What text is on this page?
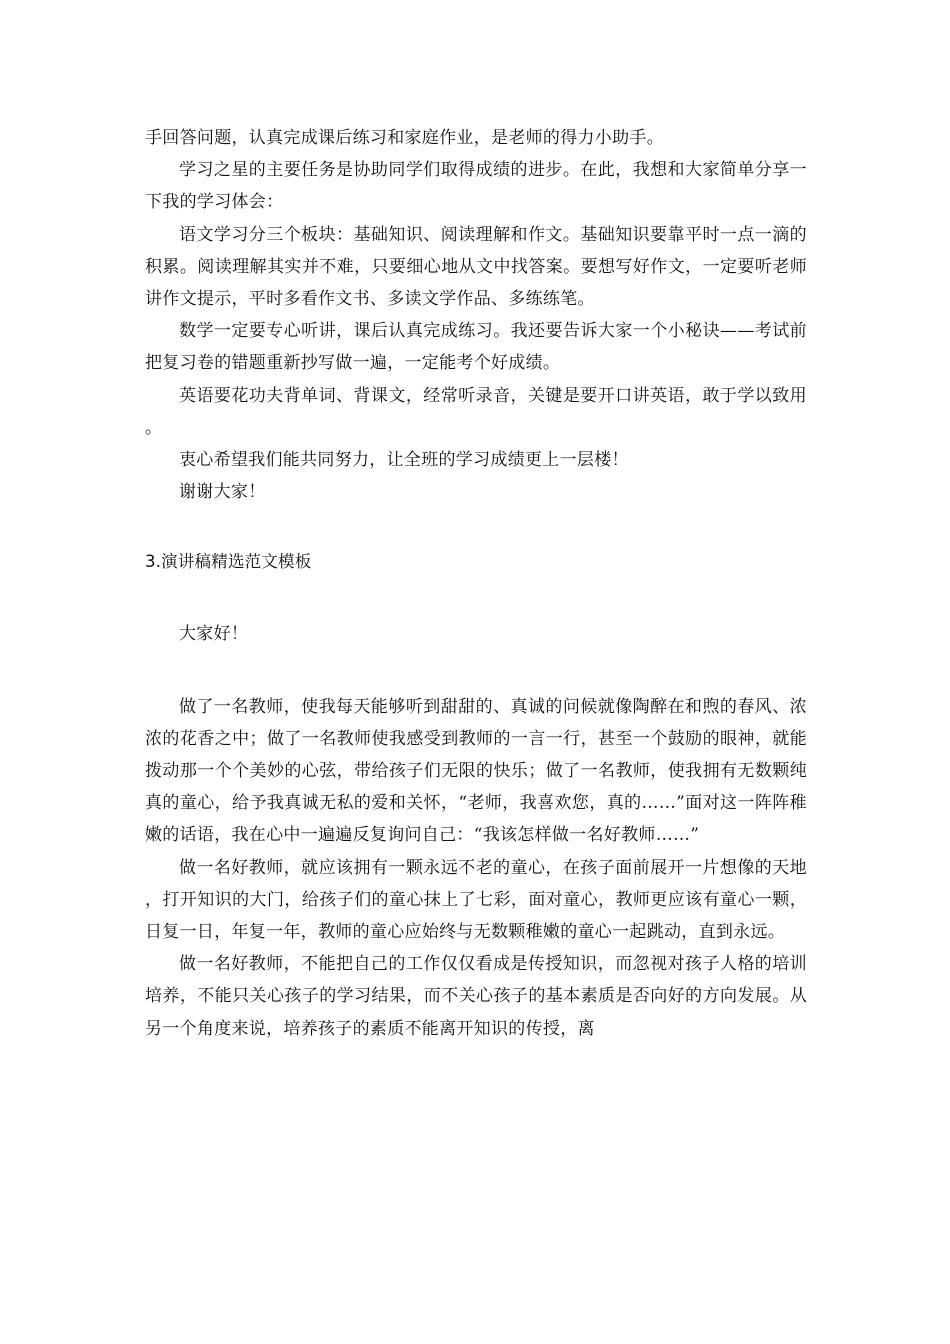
手回答问题，认真完成课后练习和家庭作业，是老师的得力小助手。

学习之星的主要任务是协助同学们取得成绩的进步。在此，我想和大家简单分享一下我的学习体会：

语文学习分三个板块：基础知识、阅读理解和作文。基础知识要靠平时一点一滴的积累。阅读理解其实并不难，只要细心地从文中找答案。要想写好作文，一定要听老师讲作文提示，平时多看作文书、多读文学作品、多练练笔。

数学一定要专心听讲，课后认真完成练习。我还要告诉大家一个小秘诀——考试前把复习卷的错题重新抄写做一遍，一定能考个好成绩。

英语要花功夫背单词、背课文，经常听录音，关键是要开口讲英语，敢于学以致用。

衷心希望我们能共同努力，让全班的学习成绩更上一层楼！

谢谢大家！

3.演讲稿精选范文模板

大家好！

做了一名教师，使我每天能够听到甜甜的、真诚的问候就像陶醉在和煦的春风、浓浓的花香之中；做了一名教师使我感受到教师的一言一行，甚至一个鼓励的眼神，就能拨动那一个个美妙的心弦，带给孩子们无限的快乐；做了一名教师，使我拥有无数颗纯真的童心，给予我真诚无私的爱和关怀，“老师，我喜欢您，真的……”面对这一阵阵稚嫩的话语，我在心中一遍遍反复询问自己：“我该怎样做一名好教师……”

做一名好教师，就应该拥有一颗永远不老的童心，在孩子面前展开一片想像的天地，打开知识的大门，给孩子们的童心抹上了七彩，面对童心，教师更应该有童心一颗，日复一日，年复一年，教师的童心应始终与无数颗稚嫩的童心一起跳动，直到永远。

做一名好教师，不能把自己的工作仅仅看成是传授知识，而忽视对孩子人格的培训培养，不能只关心孩子的学习结果，而不关心孩子的基本素质是否向好的方向发展。从另一个角度来说，培养孩子的素质不能离开知识的传授，离
